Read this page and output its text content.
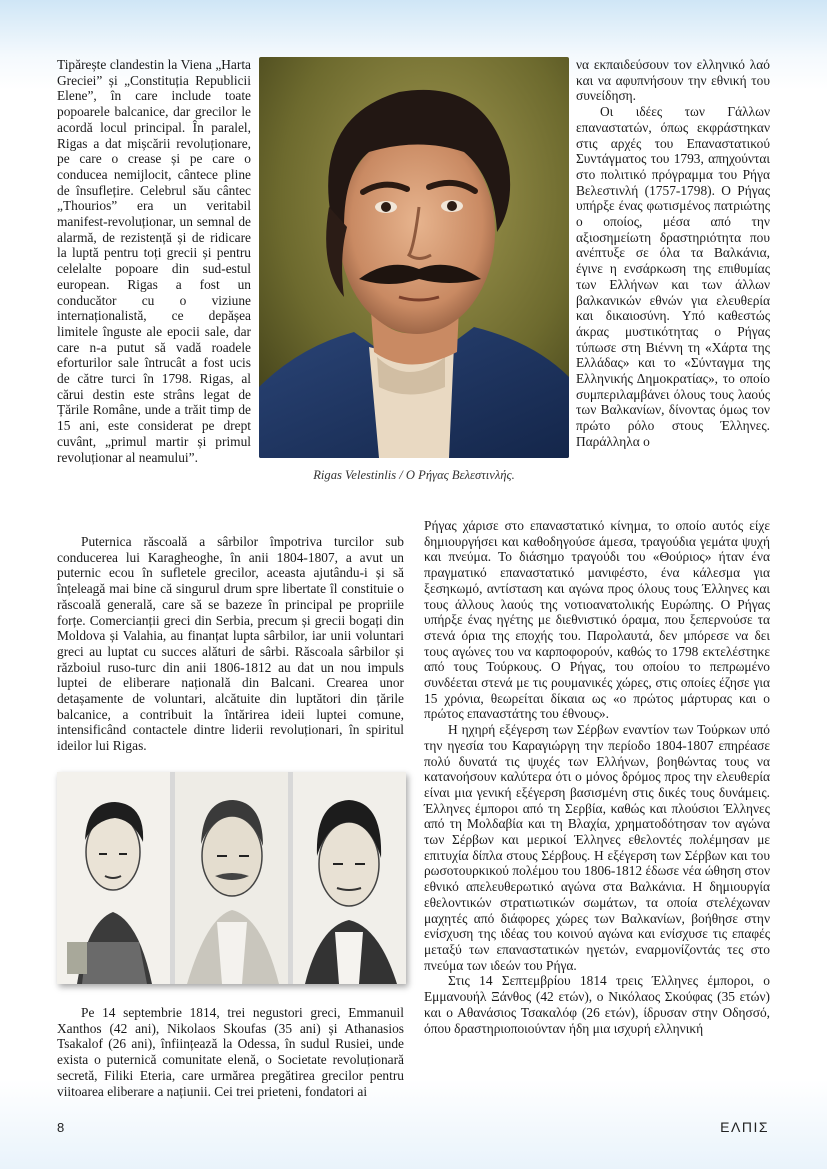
Tipărește clandestin la Viena „Harta Greciei” și „Constituția Republicii Elene”, în care include toate popoarele balcanice, dar grecilor le acordă locul principal. În paralel, Rigas a dat mișcării revoluționare, pe care o crease și pe care o conducea nemijlocit, cântece pline de însuflețire. Celebrul său cântec „Thourios” era un veritabil manifest-revoluționar, un semnal de alarmă, de rezistență și de ridicare la luptă pentru toți grecii și pentru celelalte popoare din sud-estul european. Rigas a fost un conducător cu o viziune internaționalistă, ce depășea limitele înguste ale epocii sale, dar care n-a putut să vadă roadele eforturilor sale întrucât a fost ucis de către turci în 1798. Rigas, al cărui destin este strâns legat de Țările Române, unde a trăit timp de 15 ani, este considerat pe drept cuvânt, „primul martir și primul revoluționar al neamului”.

Rigas Velestinlis / Ο Ρήγας Βελεστινλής.

να εκπαιδεύσουν τον ελληνικό λαό και να αφυπνήσουν την εθνική του συνείδηση.

Οι ιδέες των Γάλλων επαναστατών, όπως εκφράστηκαν στις αρχές του Επαναστατικού Συντάγματος του 1793, απηχούνται στο πολιτικό πρόγραμμα του Ρήγα Βελεστινλή (1757-1798). Ο Ρήγας υπήρξε ένας φωτισμένος πατριώτης ο οποίος, μέσα από την αξιοσημείωτη δραστηριότητα που ανέπτυξε σε όλα τα Βαλκάνια, έγινε η ενσάρκωση της επιθυμίας των Ελλήνων και των άλλων βαλκανικών εθνών για ελευθερία και δικαιοσύνη. Υπό καθεστώς άκρας μυστικότητας ο Ρήγας τύπωσε στη Βιέννη τη «Χάρτα της Ελλάδας» και το «Σύνταγμα της Ελληνικής Δημοκρατίας», το οποίο συμπεριλαμβάνει όλους τους λαούς των Βαλκανίων, δίνοντας όμως τον πρώτο ρόλο στους Έλληνες. Παράλληλα ο

Puternica răscoală a sârbilor împotriva turcilor sub conducerea lui Karagheoghe, în anii 1804-1807, a avut un puternic ecou în sufletele grecilor, aceasta ajutându-i și să înțeleagă mai bine că singurul drum spre libertate îl constituie o răscoală generală, care să se bazeze în principal pe propriile forțe. Comercianții greci din Serbia, precum și grecii bogați din Moldova și Valahia, au finanțat lupta sârbilor, iar unii voluntari greci au luptat cu succes alături de sârbi. Răscoala sârbilor și războiul ruso-turc din anii 1806-1812 au dat un nou impuls luptei de eliberare națională din Balcani. Crearea unor detașamente de voluntari, alcătuite din luptători din țările balcanice, a contribuit la întărirea ideii luptei comune, intensificând contactele dintre liderii revoluționari, în spiritul ideilor lui Rigas.

Ρήγας χάρισε στο επαναστατικό κίνημα, το οποίο αυτός είχε δημιουργήσει και καθοδηγούσε άμεσα, τραγούδια γεμάτα ψυχή και πνεύμα. Το διάσημο τραγούδι του «Θούριος» ήταν ένα πραγματικό επαναστατικό μανιφέστο, ένα κάλεσμα για ξεσηκωμό, αντίσταση και αγώνα προς όλους τους Έλληνες και τους άλλους λαούς της νοτιοανατολικής Ευρώπης. Ο Ρήγας υπήρξε ένας ηγέτης με διεθνιστικό όραμα, που ξεπερνούσε τα στενά όρια της εποχής του. Παρολαυτά, δεν μπόρεσε να δει τους αγώνες του να καρποφορούν, καθώς το 1798 εκτελέστηκε από τους Τούρκους. Ο Ρήγας, του οποίου το πεπρωμένο συνδέεται στενά με τις ρουμανικές χώρες, στις οποίες έζησε για 15 χρόνια, θεωρείται δίκαια ως «ο πρώτος μάρτυρας και ο πρώτος επαναστάτης του έθνους».

Η ηχηρή εξέγερση των Σέρβων εναντίον των Τούρκων υπό την ηγεσία του Καραγιώργη την περίοδο 1804-1807 επηρέασε πολύ δυνατά τις ψυχές των Ελλήνων, βοηθώντας τους να κατανοήσουν καλύτερα ότι ο μόνος δρόμος προς την ελευθερία είναι μια γενική εξέγερση βασισμένη στις δικές τους δυνάμεις. Έλληνες έμποροι από τη Σερβία, καθώς και πλούσιοι Έλληνες από τη Μολδαβία και τη Βλαχία, χρηματοδότησαν τον αγώνα των Σέρβων και μερικοί Έλληνες εθελοντές πολέμησαν με επιτυχία δίπλα στους Σέρβους. Η εξέγερση των Σέρβων και του ρωσοτουρκικού πολέμου του 1806-1812 έδωσε νέα ώθηση στον εθνικό απελευθερωτικό αγώνα στα Βαλκάνια. Η δημιουργία εθελοντικών στρατιωτικών σωμάτων, τα οποία στελέχωναν μαχητές από διάφορες χώρες των Βαλκανίων, βοήθησε στην ενίσχυση της ιδέας του κοινού αγώνα και ενίσχυσε τις επαφές μεταξύ των επαναστατικών ηγετών, εναρμονίζοντάς τες στο πνεύμα των ιδεών του Ρήγα.

Στις 14 Σεπτεμβρίου 1814 τρεις Έλληνες έμποροι, ο Εμμανουήλ Ξάνθος (42 ετών), ο Νικόλαος Σκούφας (35 ετών) και ο Αθανάσιος Τσακαλόφ (26 ετών), ίδρυσαν στην Οδησσό, όπου δραστηριοποιούνταν ήδη μια ισχυρή ελληνική

Pe 14 septembrie 1814, trei negustori greci, Emmanuil Xanthos (42 ani), Nikolaos Skoufas (35 ani) și Athanasios Tsakalof (26 ani), înființează la Odessa, în sudul Rusiei, unde exista o puternică comunitate elenă, o Societate revoluționară secretă, Filiki Eteria, care urmărea pregătirea grecilor pentru viitoarea eliberare a națiunii. Cei trei prieteni, fondatori ai

8	ΕΛΠΙΣ
